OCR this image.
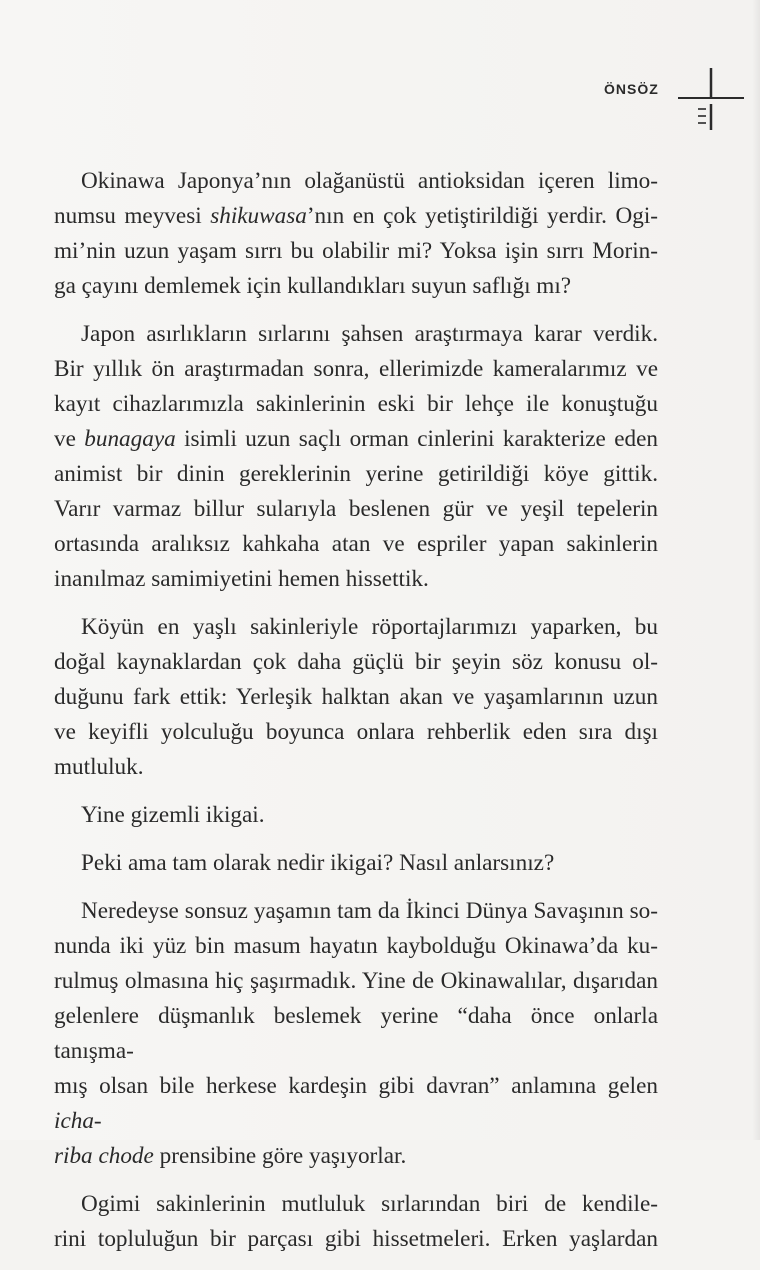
ÖNSÖZ
Okinawa Japonya’nın olağanüstü antioksidan içeren limo-
numsu meyvesi shikuwasa’nın en çok yetiştirildiği yerdir. Ogi-
mi’nin uzun yaşam sırrı bu olabilir mi? Yoksa işin sırrı Morin-
ga çayını demlemek için kullandıkları suyun saflığı mı?
Japon asırlıkların sırlarını şahsen araştırmaya karar verdik.
Bir yıllık ön araştırmadan sonra, ellerimizde kameralarımız ve
kayıt cihazlarımızla sakinlerinin eski bir lehçe ile konuştuğu
ve bunagaya isimli uzun saçlı orman cinlerini karakterize eden
animist bir dinin gereklerinin yerine getirildiği köye gittik.
Varır varmaz billur sularıyla beslenen gür ve yeşil tepelerin
ortasında aralıksız kahkaha atan ve espriler yapan sakinlerin
inanılmaz samimiyetini hemen hissettik.
Köyün en yaşlı sakinleriyle röportajlarımızı yaparken, bu
doğal kaynaklardan çok daha güçlü bir şeyin söz konusu ol-
duğunu fark ettik: Yerleşik halktan akan ve yaşamlarının uzun
ve keyifli yolculuğu boyunca onlara rehberlik eden sıra dışı
mutluluk.
Yine gizemli ikigai.
Peki ama tam olarak nedir ikigai? Nasıl anlarsınız?
Neredeyse sonsuz yaşamın tam da İkinci Dünya Savaşının so-
nunda iki yüz bin masum hayatın kaybolduğu Okinawa’da ku-
rulmuş olmasına hiç şaşırmadık. Yine de Okinawalılar, dışarıdan
gelenlere düşmanlık beslemek yerine “daha önce onlarla tanışma-
mış olsan bile herkese kardeşin gibi davran” anlamına gelen icha-
riba chode prensibine göre yaşıyorlar.
Ogimi sakinlerinin mutluluk sırlarından biri de kendile-
rini topluluğun bir parçası gibi hissetmeleri. Erken yaşlardan
